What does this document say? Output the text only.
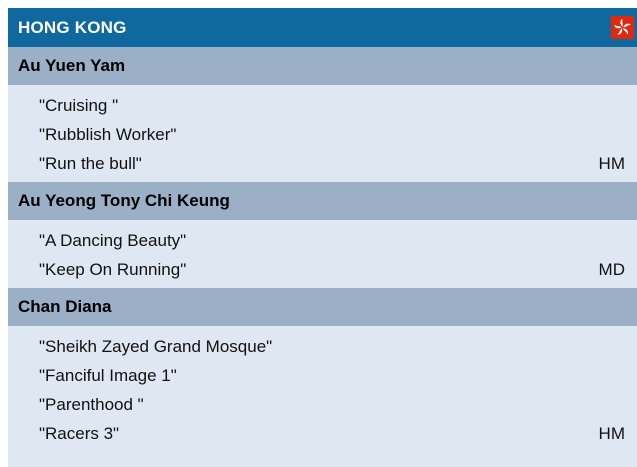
HONG KONG
Au Yuen Yam
"Cruising "
"Rubblish Worker"
"Run the bull"	HM
Au Yeong Tony Chi Keung
"A Dancing Beauty"
"Keep On Running"	MD
Chan Diana
"Sheikh Zayed Grand Mosque"
"Fanciful Image 1"
"Parenthood "
"Racers 3"	HM
